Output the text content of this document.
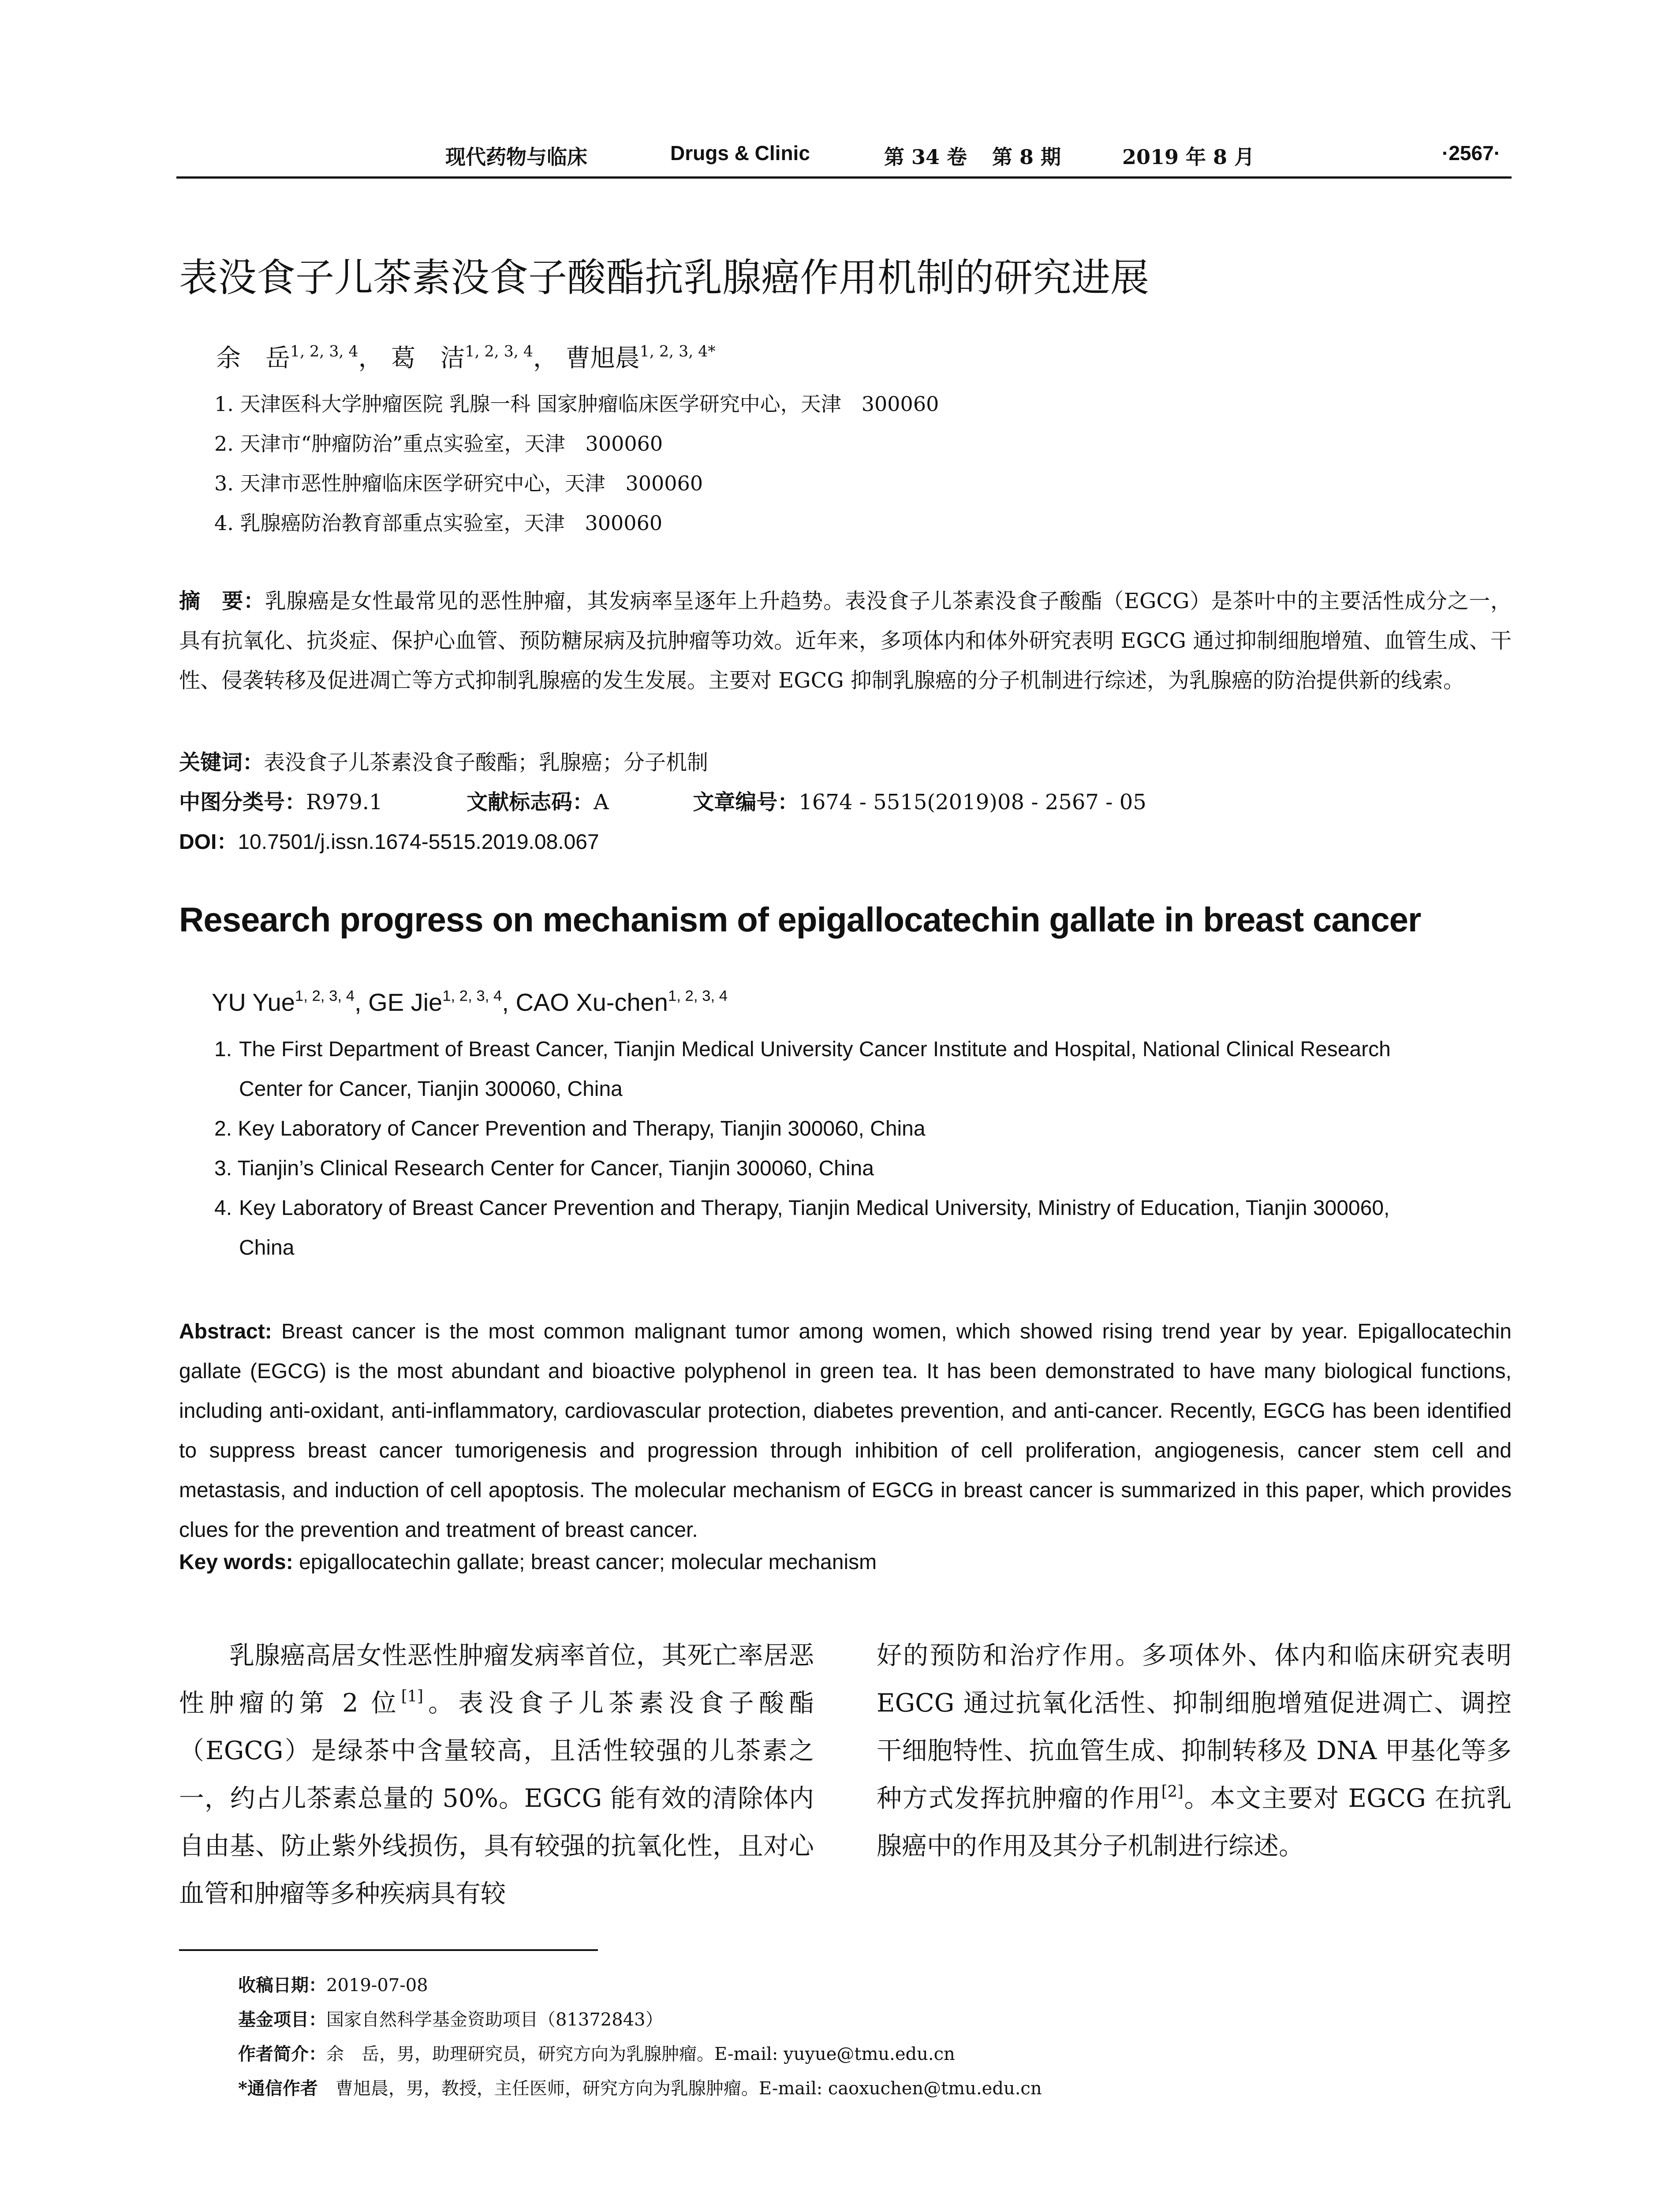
现代药物与临床	Drugs & Clinic	第 34 卷 第 8 期	2019 年 8 月	·2567·
表没食子儿茶素没食子酸酯抗乳腺癌作用机制的研究进展
余　岳$^{1, 2, 3, 4}$， 葛　洁$^{1, 2, 3, 4}$， 曹旭晨$^{1, 2, 3, 4*}$
1. 天津医科大学肿瘤医院 乳腺一科 国家肿瘤临床医学研究中心，天津　300060
2. 天津市“肿瘤防治”重点实验室，天津　300060
3. 天津市恶性肿瘤临床医学研究中心，天津　300060
4. 乳腺癌防治教育部重点实验室，天津　300060
摘　要：乳腺癌是女性最常见的恶性肿瘤，其发病率呈逐年上升趋势。表没食子儿茶素没食子酸酯（EGCG）是茶叶中的主要活性成分之一，具有抗氧化、抗炎症、保护心血管、预防糖尿病及抗肿瘤等功效。近年来，多项体内和体外研究表明 EGCG 通过抑制细胞增殖、血管生成、干性、侵袭转移及促进凋亡等方式抑制乳腺癌的发生发展。主要对 EGCG 抑制乳腺癌的分子机制进行综述，为乳腺癌的防治提供新的线索。
关键词：表没食子儿茶素没食子酸酯；乳腺癌；分子机制
中图分类号：R979.1	文献标志码：A	文章编号：1674 - 5515(2019)08 - 2567 - 05
DOI：10.7501/j.issn.1674-5515.2019.08.067
Research progress on mechanism of epigallocatechin gallate in breast cancer
YU Yue$^{1, 2, 3, 4}$, GE Jie$^{1, 2, 3, 4}$, CAO Xu-chen$^{1, 2, 3, 4}$
1. The First Department of Breast Cancer, Tianjin Medical University Cancer Institute and Hospital, National Clinical Research
Center for Cancer, Tianjin 300060, China
2. Key Laboratory of Cancer Prevention and Therapy, Tianjin 300060, China
3. Tianjin’s Clinical Research Center for Cancer, Tianjin 300060, China
4. Key Laboratory of Breast Cancer Prevention and Therapy, Tianjin Medical University, Ministry of Education, Tianjin 300060,
China
Abstract: Breast cancer is the most common malignant tumor among women, which showed rising trend year by year. Epigallocatechin gallate (EGCG) is the most abundant and bioactive polyphenol in green tea. It has been demonstrated to have many biological functions, including anti-oxidant, anti-inflammatory, cardiovascular protection, diabetes prevention, and anti-cancer. Recently, EGCG has been identified to suppress breast cancer tumorigenesis and progression through inhibition of cell proliferation, angiogenesis, cancer stem cell and metastasis, and induction of cell apoptosis. The molecular mechanism of EGCG in breast cancer is summarized in this paper, which provides clues for the prevention and treatment of breast cancer.
Key words: epigallocatechin gallate; breast cancer; molecular mechanism

乳腺癌高居女性恶性肿瘤发病率首位，其死亡率居恶性肿瘤的第 2 位[1]。表没食子儿茶素没食子酸酯（EGCG）是绿茶中含量较高，且活性较强的儿茶素之一，约占儿茶素总量的 50%。EGCG 能有效的清除体内自由基、防止紫外线损伤，具有较强的抗氧化性，且对心血管和肿瘤等多种疾病具有较

好的预防和治疗作用。多项体外、体内和临床研究表明 EGCG 通过抗氧化活性、抑制细胞增殖促进凋亡、调控干细胞特性、抗血管生成、抑制转移及 DNA 甲基化等多种方式发挥抗肿瘤的作用[2]。本文主要对 EGCG 在抗乳腺癌中的作用及其分子机制进行综述。

收稿日期：2019-07-08
基金项目：国家自然科学基金资助项目（81372843）
作者简介：余　岳，男，助理研究员，研究方向为乳腺肿瘤。E-mail: yuyue@tmu.edu.cn
*通信作者　曹旭晨，男，教授，主任医师，研究方向为乳腺肿瘤。E-mail: caoxuchen@tmu.edu.cn
